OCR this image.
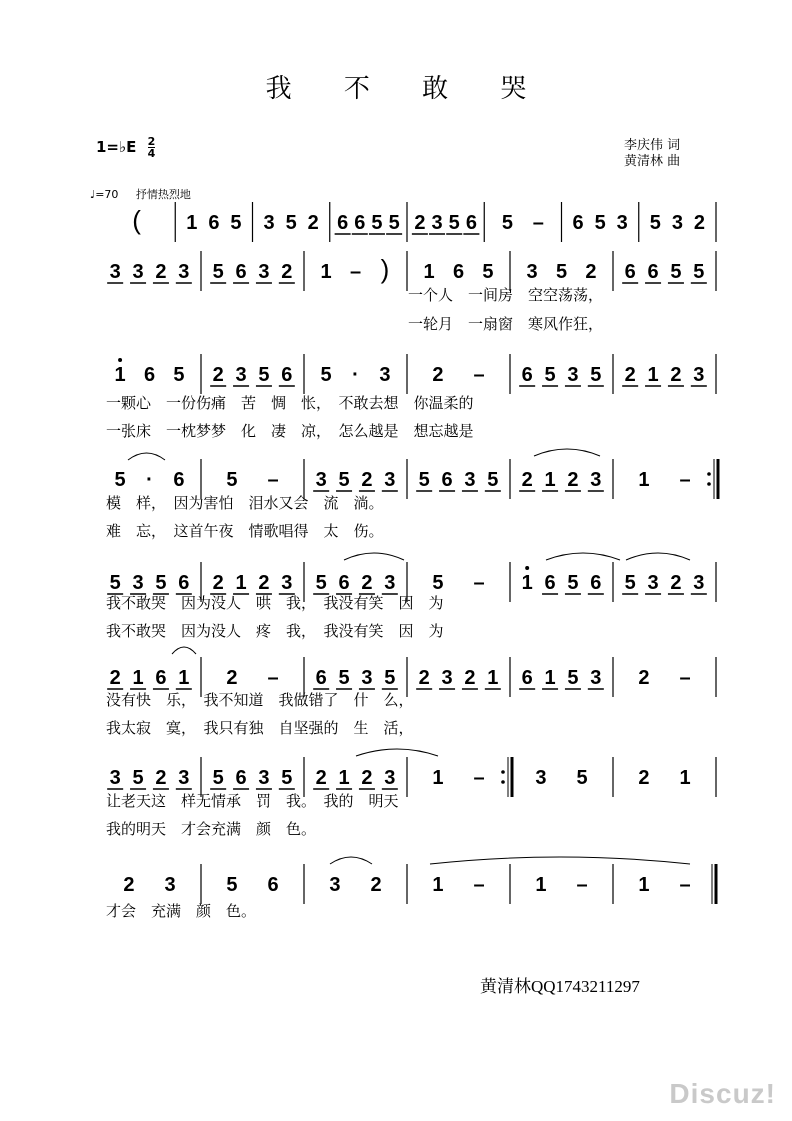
我 不 敢 哭
1=♭E $\frac{2}{4}$	李庆伟 词
黄清林 曲
♩=70 抒情热烈地
( 1 6 5 3 5 2 6 6 5 5 2 3 5 6 5 – 6 5 3 5 3 2
3 3 2 3 5 6 3 2 1 – ) 1 6 5 3 5 2 6 6 5 5
一个人　一间房　空空荡荡，
一轮月　一扇窗　寒风作狂，
1 6 5 2 3 5 6 5 · 3 2 – 6 5 3 5 2 1 2 3
一颗心　一份伤痛　苦　惆　怅，　不敢去想　你温柔的
一张床　一枕梦梦　化　凄　凉，　怎么越是　想忘越是
5 · 6 5 – 3 5 2 3 5 6 3 5 2 1 2 3 1 –
模　样，　因为害怕　泪水又会　流　淌。
难　忘，　这首午夜　情歌唱得　太　伤。
5 3 5 6 2 1 2 3 5 6 2 3 5 – 1 6 5 6 5 3 2 3
我不敢哭　因为没人　哄　我，　我没有笑　因　为
我不敢哭　因为没人　疼　我，　我没有笑　因　为
2 1 6 1 2 – 6 5 3 5 2 3 2 1 6 1 5 3 2 –
没有快　乐，　我不知道　我做错了　什　么，
我太寂　寞，　我只有独　自坚强的　生　活，
3 5 2 3 5 6 3 5 2 1 2 3 1 –	3 5	2 1
让老天这　样无情承　罚　我。　我的　明天
我的明天　才会充满　颜　色。
2 3	5 6	3 2	1 –	1 –	1 –
才会　充满　颜　色。
黄清林QQ1743211297
Discuz!
